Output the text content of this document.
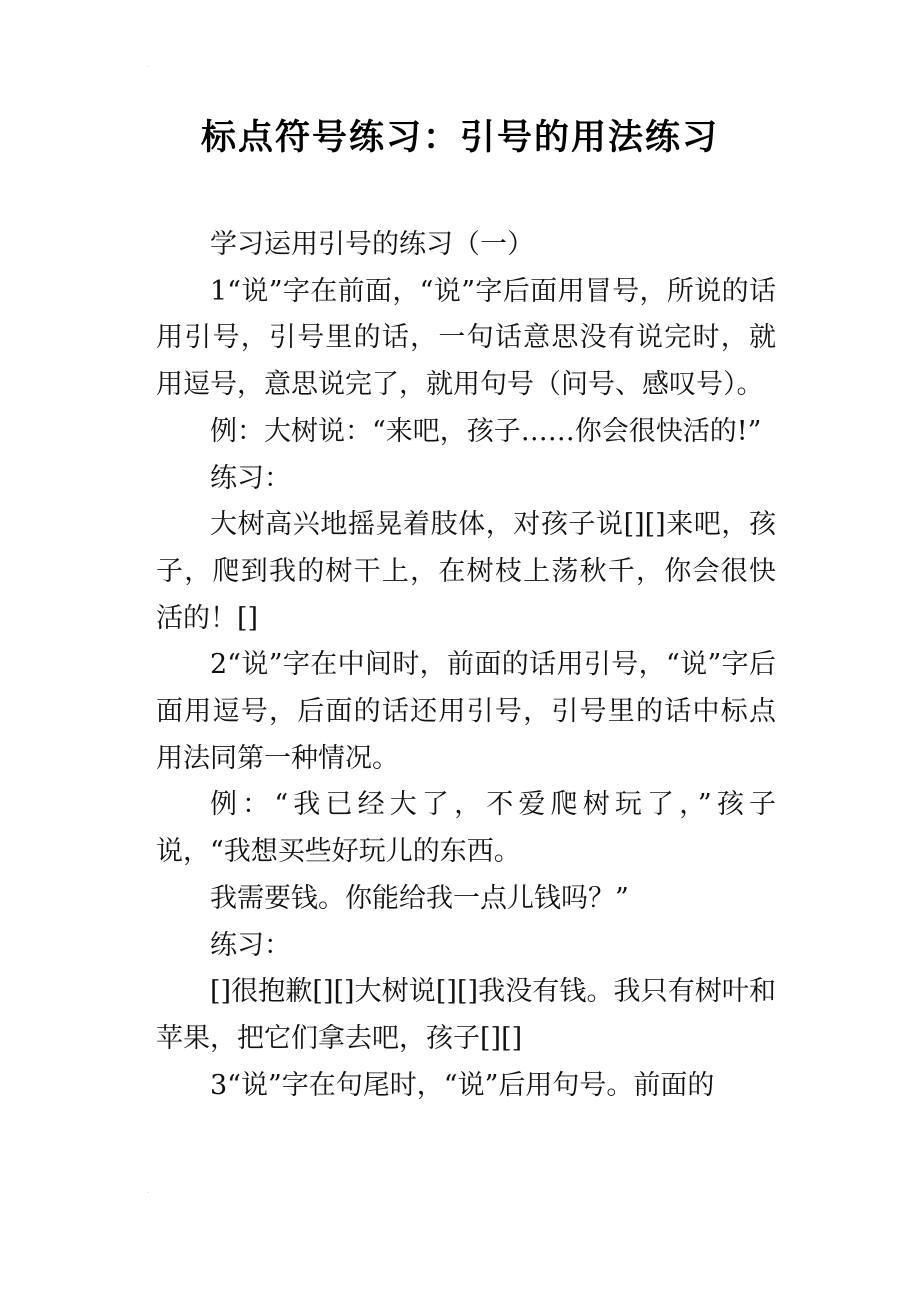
˙
标点符号练习：引号的用法练习

学习运用引号的练习（一）

1“说”字在前面，“说”字后面用冒号，所说的话用引号，引号里的话，一句话意思没有说完时，就用逗号，意思说完了，就用句号（问号、感叹号）。

例：大树说：“来吧，孩子……你会很快活的!”

练习：

大树高兴地摇晃着肢体，对孩子说[][]来吧，孩子，爬到我的树干上，在树枝上荡秋千，你会很快活的！[]

2“说”字在中间时，前面的话用引号，“说”字后面用逗号，后面的话还用引号，引号里的话中标点用法同第一种情况。

例：“我已经大了，不爱爬树玩了，”孩子说，“我想买些好玩儿的东西。

我需要钱。你能给我一点儿钱吗？”

练习：

[]很抱歉[][]大树说[][]我没有钱。我只有树叶和苹果，把它们拿去吧，孩子[][]

3“说”字在句尾时，“说”后用句号。前面的

˙
